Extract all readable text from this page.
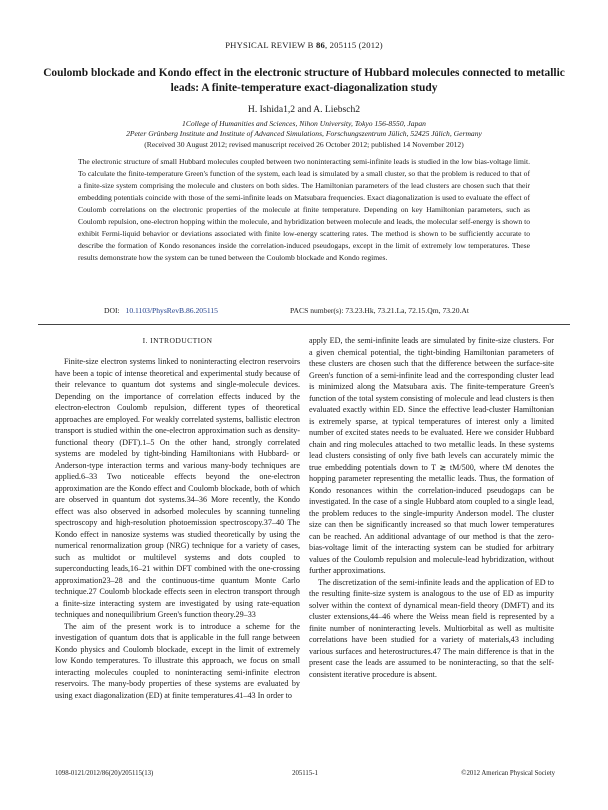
PHYSICAL REVIEW B 86, 205115 (2012)
Coulomb blockade and Kondo effect in the electronic structure of Hubbard molecules connected to metallic leads: A finite-temperature exact-diagonalization study
H. Ishida1,2 and A. Liebsch2
1College of Humanities and Sciences, Nihon University, Tokyo 156-8550, Japan
2Peter Grünberg Institute and Institute of Advanced Simulations, Forschungszentrum Jülich, 52425 Jülich, Germany
(Received 30 August 2012; revised manuscript received 26 October 2012; published 14 November 2012)

The electronic structure of small Hubbard molecules coupled between two noninteracting semi-infinite leads is studied in the low bias-voltage limit. To calculate the finite-temperature Green's function of the system, each lead is simulated by a small cluster, so that the problem is reduced to that of a finite-size system comprising the molecule and clusters on both sides. The Hamiltonian parameters of the lead clusters are chosen such that their embedding potentials coincide with those of the semi-infinite leads on Matsubara frequencies. Exact diagonalization is used to evaluate the effect of Coulomb correlations on the electronic properties of the molecule at finite temperature. Depending on key Hamiltonian parameters, such as Coulomb repulsion, one-electron hopping within the molecule, and hybridization between molecule and leads, the molecular self-energy is shown to exhibit Fermi-liquid behavior or deviations associated with finite low-energy scattering rates. The method is shown to be sufficiently accurate to describe the formation of Kondo resonances inside the correlation-induced pseudogaps, except in the limit of extremely low temperatures. These results demonstrate how the system can be tuned between the Coulomb blockade and Kondo regimes.

DOI: 10.1103/PhysRevB.86.205115	PACS number(s): 73.23.Hk, 73.21.La, 72.15.Qm, 73.20.At
I. INTRODUCTION

Finite-size electron systems linked to noninteracting electron reservoirs have been a topic of intense theoretical and experimental study because of their relevance to quantum dot systems and single-molecule devices. Depending on the importance of correlation effects induced by the electron-electron Coulomb repulsion, different types of theoretical approaches are employed. For weakly correlated systems, ballistic electron transport is studied within the one-electron approximation such as density-functional theory (DFT).1–5 On the other hand, strongly correlated systems are modeled by tight-binding Hamiltonians with Hubbard- or Anderson-type interaction terms and various many-body techniques are applied.6–33 Two noticeable effects beyond the one-electron approximation are the Kondo effect and Coulomb blockade, both of which are observed in quantum dot systems.34–36 More recently, the Kondo effect was also observed in adsorbed molecules by scanning tunneling spectroscopy and high-resolution photoemission spectroscopy.37–40 The Kondo effect in nanosize systems was studied theoretically by using the numerical renormalization group (NRG) technique for a variety of cases, such as multidot or multilevel systems and dots coupled to superconducting leads,16–21 within DFT combined with the one-crossing approximation23–28 and the continuous-time quantum Monte Carlo technique.27 Coulomb blockade effects seen in electron transport through a finite-size interacting system are investigated by using rate-equation techniques and nonequilibrium Green's function theory.29–33

The aim of the present work is to introduce a scheme for the investigation of quantum dots that is applicable in the full range between Kondo physics and Coulomb blockade, except in the limit of extremely low Kondo temperatures. To illustrate this approach, we focus on small interacting molecules coupled to noninteracting semi-infinite electron reservoirs. The many-body properties of these systems are evaluated by using exact diagonalization (ED) at finite temperatures.41–43 In order to

apply ED, the semi-infinite leads are simulated by finite-size clusters. For a given chemical potential, the tight-binding Hamiltonian parameters of these clusters are chosen such that the difference between the surface-site Green's function of a semi-infinite lead and the corresponding cluster lead is minimized along the Matsubara axis. The finite-temperature Green's function of the total system consisting of molecule and lead clusters is then evaluated exactly within ED. Since the effective lead-cluster Hamiltonian is extremely sparse, at typical temperatures of interest only a limited number of excited states needs to be evaluated. Here we consider Hubbard chain and ring molecules attached to two metallic leads. In these systems lead clusters consisting of only five bath levels can accurately mimic the true embedding potentials down to T ≳ tM/500, where tM denotes the hopping parameter representing the metallic leads. Thus, the formation of Kondo resonances within the correlation-induced pseudogaps can be investigated. In the case of a single Hubbard atom coupled to a single lead, the problem reduces to the single-impurity Anderson model. The cluster size can then be significantly increased so that much lower temperatures can be reached. An additional advantage of our method is that the zero-bias-voltage limit of the interacting system can be studied for arbitrary values of the Coulomb repulsion and molecule-lead hybridization, without further approximations.

The discretization of the semi-infinite leads and the application of ED to the resulting finite-size system is analogous to the use of ED as impurity solver within the context of dynamical mean-field theory (DMFT) and its cluster extensions,44–46 where the Weiss mean field is represented by a finite number of noninteracting levels. Multiorbital as well as multisite correlations have been studied for a variety of materials,43 including various surfaces and heterostructures.47 The main difference is that in the present case the leads are assumed to be noninteracting, so that the self-consistent iterative procedure is absent.

1098-0121/2012/86(20)/205115(13)	205115-1	©2012 American Physical Society
